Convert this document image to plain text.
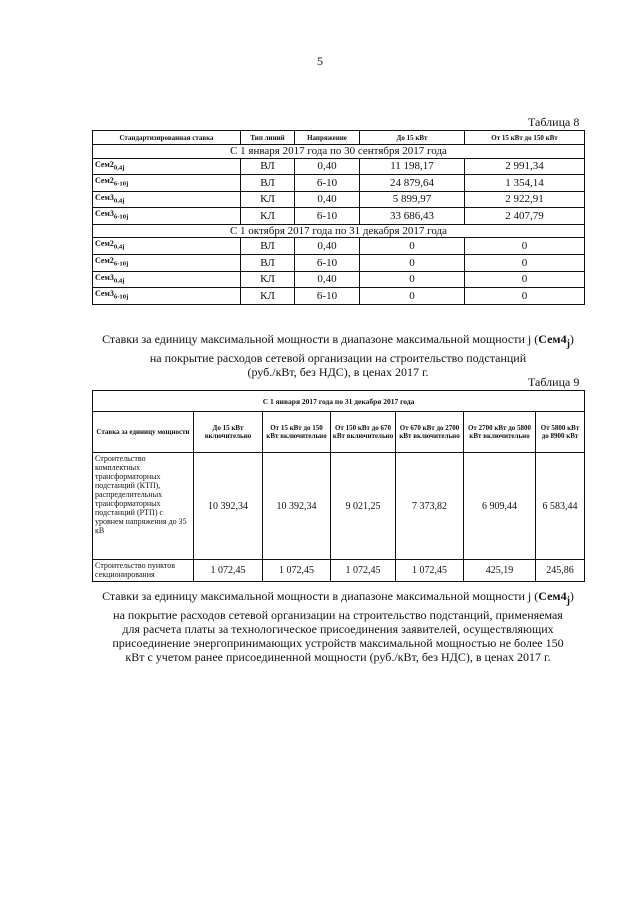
5
Таблица 8
Стандартизированная ставка	Тип линий	Напряжение	До 15 кВт	От 15 кВт до 150 кВт
С 1 января 2017 года по 30 сентября 2017 года				
$Сем2_{0,4j}$	ВЛ	0,40	11 198,17	2 991,34
$Сем2_{6-10j}$	ВЛ	6-10	24 879,64	1 354,14
$Сем3_{0,4j}$	КЛ	0,40	5 899,97	2 922,91
$Сем3_{6-10j}$	КЛ	6-10	33 686,43	2 407,79
С 1 октября 2017 года по 31 декабря 2017 года				
$Сем2_{0,4j}$	ВЛ	0,40	0	0
$Сем2_{6-10j}$	ВЛ	6-10	0	0
$Сем3_{0,4j}$	КЛ	0,40	0	0
$Сем3_{6-10j}$	КЛ	6-10	0	0
Ставки за единицу максимальной мощности в диапазоне максимальной мощности j $(Сем4_j)$
на покрытие расходов сетевой организации на строительство подстанций
(руб./кВт, без НДС), в ценах 2017 г.
Таблица 9
С 1 января 2017 года по 31 декабря 2017 года						
Ставка за единицу мощности	До 15 кВт включительно	От 15 кВт до 150 кВт включительно	От 150 кВт до 670 кВт включительно	От 670 кВт до 2700 кВт включительно	От 2700 кВт до 5800 кВт включительно	От 5800 кВт до 8900 кВт
Строительство комплектных трансформаторных подстанций (КТП), распределительных трансформаторных подстанций (РТП) с уровнем напряжения до 35 кВ	10 392,34	10 392,34	9 021,25	7 373,82	6 909,44	6 583,44
Строительство пунктов секционирования	1 072,45	1 072,45	1 072,45	1 072,45	425,19	245,86
Ставки за единицу максимальной мощности в диапазоне максимальной мощности j $(Сем4_j)$
на покрытие расходов сетевой организации на строительство подстанций, применяемая
для расчета платы за технологическое присоединения заявителей, осуществляющих
присоединение энергопринимающих устройств максимальной мощностью не более 150
кВт с учетом ранее присоединенной мощности (руб./кВт, без НДС), в ценах 2017 г.
